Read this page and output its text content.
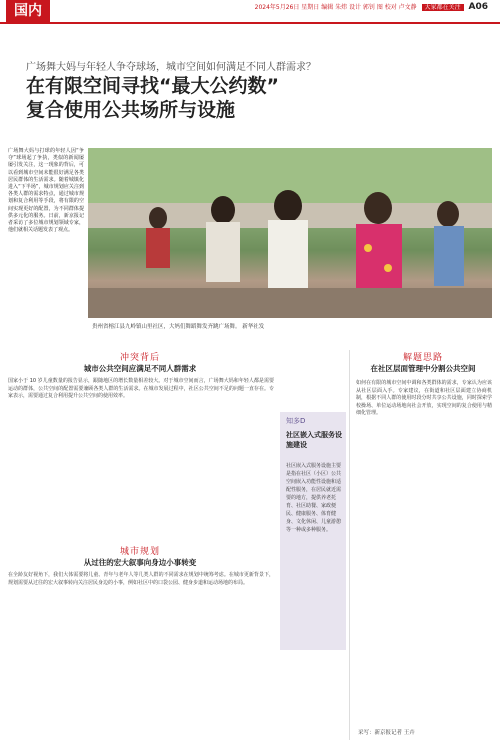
国内	2024年5月26日 星期日 编辑 朱炜 设计 郭钊 图 校对 卢文静 大家都在关注 A06
广场舞大妈与年轻人争夺球场，城市空间如何满足不同人群需求？
在有限空间寻找“最大公约数”
复合使用公共场所与设施
广场舞大妈与打球的年轻人因“争夺”球场起了争执，类似的新闻屡屡引发关注，这一现象的背后，可以看到城市空间未能很好满足各类居民群体的生活需求。随着城镇化进入“下半场”，城市规划应关注到各类人群的需求特点，通过城市规划和复合利用等手段，将有限的空间实现更好的配置，为不同群体提供多元化的服务。日前，新京报记者采访了多位城市规划领域专家，他们就相关话题发表了观点。
贵州省榕江县九岭镇山里社区，大妈们舞蹈舞发齐跳广场舞。 新华社发
冲突背后
城市公共空间应满足不同人群需求
国家小于 10 岁儿童数量的报告显示，跟随地区的增长数量相差较大。对于城市空间而言，广场舞大妈和年轻人都是需要运动的群体，公共空间的配置需要兼顾各类人群的生活需求。在城市发展过程中，社区公共空间不足的问题一直存在。专家表示，需要通过复合利用提升公共空间的使用效率。
城市规划
从过往的宏大叙事向身边小事转变
在全龄友好视角下，我们大体需要将儿童、青年与老年人等几类人群的不同需求在规划中统筹考虑。在城市更新背景下，规划需要从过往的宏大叙事转向关注居民身边的小事，例如社区中的口袋公园、健身步道和运动场地的布局。
知多D
社区嵌入式服务设施建设
社区嵌入式服务设施主要是指在社区（小区）公共空间嵌入功能性设施和适配性服务，在居民就近需要的地方，提供养老托育、社区助餐、家政便民、健康服务、体育健身、文化休闲、儿童游憩等一种或多种服务。
解题思路
在社区层面管理中分割公共空间
如何在有限的城市空间中调和各类群体的需求，专家认为应该从社区层面入手。专家建议，在街道和社区层面建立协商机制，根据不同人群的使用时段分时共享公共设施，同时探索学校操场、单位运动场地向社会开放，实现空间的复合使用与精细化管理。
采写：新京报记者 王卉
